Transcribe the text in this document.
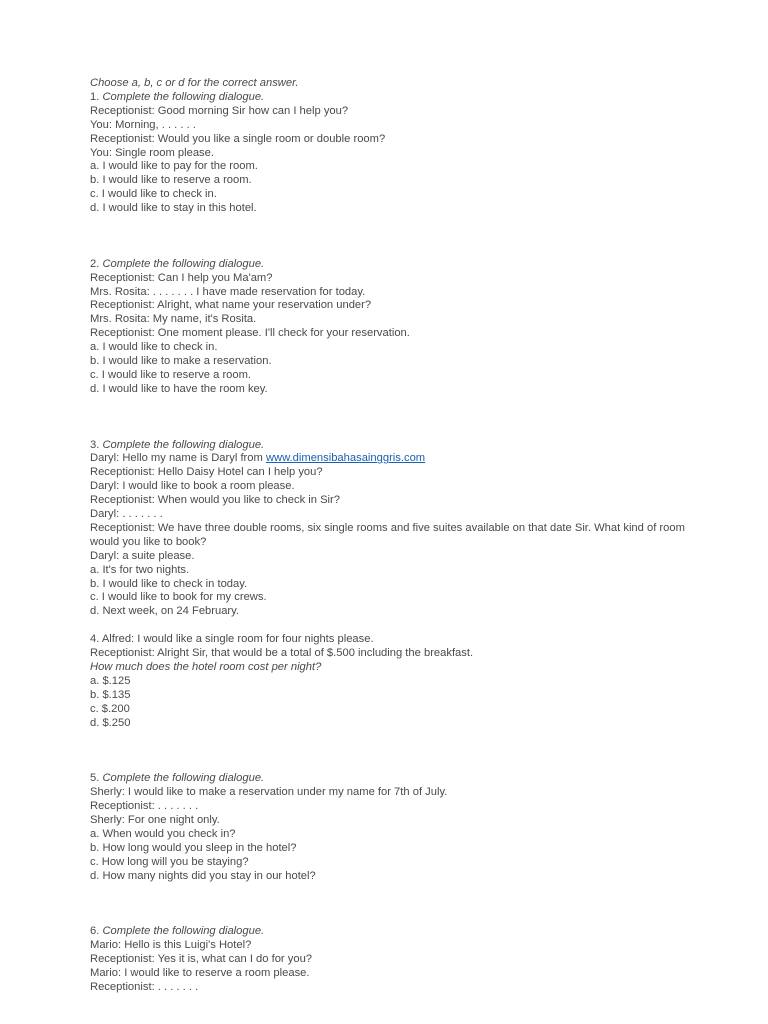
Choose a, b, c or d for the correct answer.
1. Complete the following dialogue.
Receptionist: Good morning Sir how can I help you?
You: Morning, . . . . . .
Receptionist: Would you like a single room or double room?
You: Single room please.
a. I would like to pay for the room.
b. I would like to reserve a room.
c. I would like to check in.
d. I would like to stay in this hotel.
2. Complete the following dialogue.
Receptionist: Can I help you Ma'am?
Mrs. Rosita: . . . . . . . I have made reservation for today.
Receptionist: Alright, what name your reservation under?
Mrs. Rosita: My name, it's Rosita.
Receptionist: One moment please. I'll check for your reservation.
a. I would like to check in.
b. I would like to make a reservation.
c. I would like to reserve a room.
d. I would like to have the room key.
3. Complete the following dialogue.
Daryl: Hello my name is Daryl from www.dimensibahasainggris.com
Receptionist: Hello Daisy Hotel can I help you?
Daryl: I would like to book a room please.
Receptionist: When would you like to check in Sir?
Daryl: . . . . . . .
Receptionist: We have three double rooms, six single rooms and five suites available on that date Sir. What kind of room would you like to book?
Daryl: a suite please.
a. It's for two nights.
b. I would like to check in today.
c. I would like to book for my crews.
d. Next week, on 24 February.
4. Alfred: I would like a single room for four nights please.
Receptionist: Alright Sir, that would be a total of $.500 including the breakfast.
How much does the hotel room cost per night?
a. $.125
b. $.135
c. $.200
d. $.250
5. Complete the following dialogue.
Sherly: I would like to make a reservation under my name for 7th of July.
Receptionist: . . . . . . .
Sherly: For one night only.
a. When would you check in?
b. How long would you sleep in the hotel?
c. How long will you be staying?
d. How many nights did you stay in our hotel?
6. Complete the following dialogue.
Mario: Hello is this Luigi's Hotel?
Receptionist: Yes it is, what can I do for you?
Mario: I would like to reserve a room please.
Receptionist: . . . . . . .
